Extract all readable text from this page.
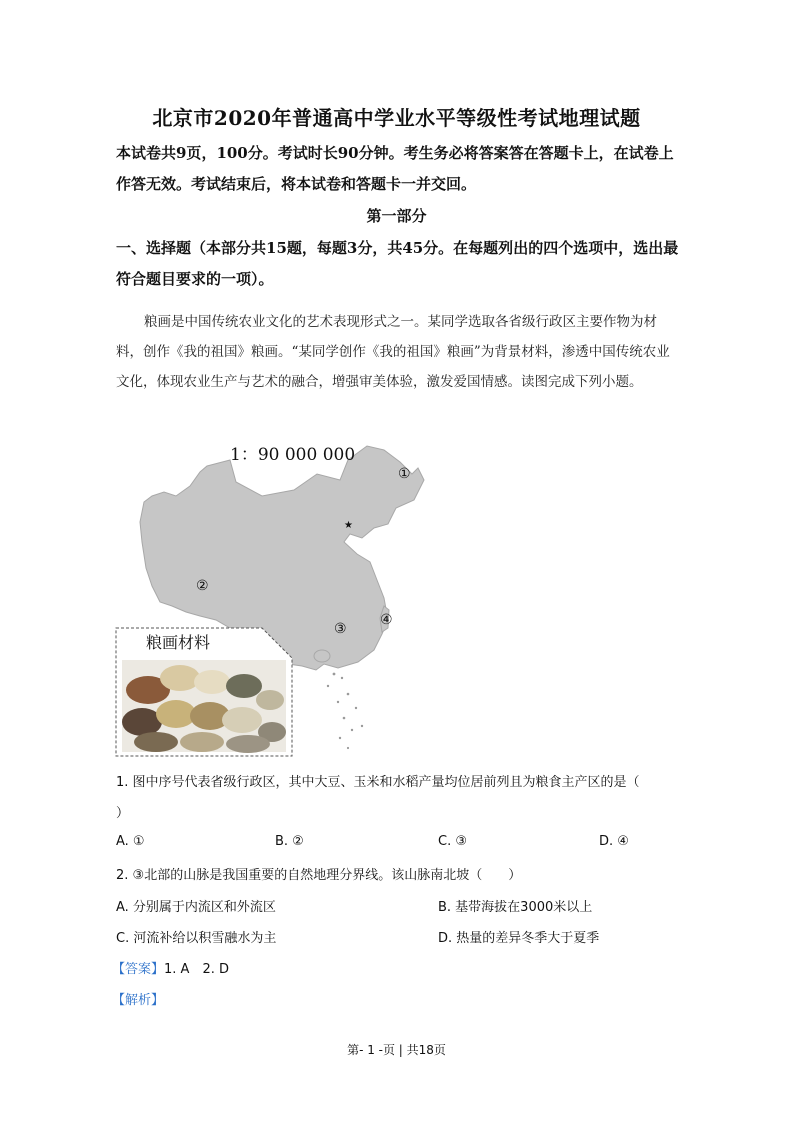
北京市2020年普通高中学业水平等级性考试地理试题
本试卷共9页，100分。考试时长90分钟。考生务必将答案答在答题卡上，在试卷上作答无效。考试结束后，将本试卷和答题卡一并交回。
第一部分
一、选择题（本部分共15题，每题3分，共45分。在每题列出的四个选项中，选出最符合题目要求的一项）。
粮画是中国传统农业文化的艺术表现形式之一。某同学选取各省级行政区主要作物为材料，创作《我的祖国》粮画。“某同学创作《我的祖国》粮画”为背景材料，渗透中国传统农业文化，体现农业生产与艺术的融合，增强审美体验，激发爱国情感。读图完成下列小题。
★
1：90 000 000
①
②
③
④
粮画材料
1. 图中序号代表省级行政区，其中大豆、玉米和水稻产量均位居前列且为粮食主产区的是（
）
A. ①	B. ②	C. ③	D. ④
2. ③北部的山脉是我国重要的自然地理分界线。该山脉南北坡（　　）
A. 分别属于内流区和外流区	B. 基带海拔在3000米以上
C. 河流补给以积雪融水为主	D. 热量的差异冬季大于夏季
【答案】1. A　2. D
【解析】
第- 1 -页 | 共18页
